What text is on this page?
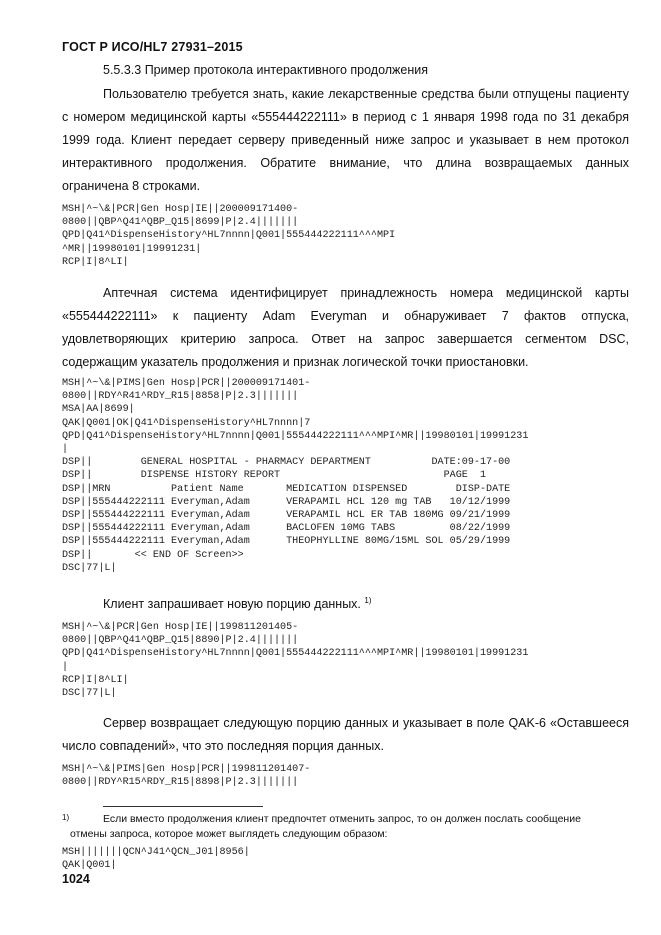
ГОСТ Р ИСО/HL7 27931–2015
5.5.3.3 Пример протокола интерактивного продолжения

Пользователю требуется знать, какие лекарственные средства были отпущены пациенту с номером медицинской карты «555444222111» в период с 1 января 1998 года по 31 декабря 1999 года. Клиент передает серверу приведенный ниже запрос и указывает в нем протокол интерактивного продолжения. Обратите внимание, что длина возвращаемых данных ограничена 8 строками.

MSH|^~\&|PCR|Gen Hosp|IE||200009171400-
0800||QBP^Q41^QBP_Q15|8699|P|2.4|||||||
QPD|Q41^DispenseHistory^HL7nnnn|Q001|555444222111^^^MPI
^MR||19980101|19991231|
RCP|I|8^LI|

Аптечная система идентифицирует принадлежность номера медицинской карты «555444222111» к пациенту Adam Everyman и обнаруживает 7 фактов отпуска, удовлетворяющих критерию запроса. Ответ на запрос завершается сегментом DSC, содержащим указатель продолжения и признак логической точки приостановки.

MSH|^~\&|PIMS|Gen Hosp|PCR||200009171401-
0800||RDY^R41^RDY_R15|8858|P|2.3|||||||
MSA|AA|8699|
QAK|Q001|OK|Q41^DispenseHistory^HL7nnnn|7
QPD|Q41^DispenseHistory^HL7nnnn|Q001|555444222111^^^MPI^MR||19980101|19991231
|
DSP||        GENERAL HOSPITAL - PHARMACY DEPARTMENT          DATE:09-17-00
DSP||        DISPENSE HISTORY REPORT                           PAGE  1
DSP||MRN          Patient Name       MEDICATION DISPENSED        DISP-DATE
DSP||555444222111 Everyman,Adam      VERAPAMIL HCL 120 mg TAB   10/12/1999
DSP||555444222111 Everyman,Adam      VERAPAMIL HCL ER TAB 180MG 09/21/1999
DSP||555444222111 Everyman,Adam      BACLOFEN 10MG TABS         08/22/1999
DSP||555444222111 Everyman,Adam      THEOPHYLLINE 80MG/15ML SOL 05/29/1999
DSP||       << END OF Screen>>
DSC|77|L|
Клиент запрашивает новую порцию данных. $^{1)}$
MSH|^~\&|PCR|Gen Hosp|IE||199811201405-
0800||QBP^Q41^QBP_Q15|8890|P|2.4|||||||
QPD|Q41^DispenseHistory^HL7nnnn|Q001|555444222111^^^MPI^MR||19980101|19991231
|
RCP|I|8^LI|
DSC|77|L|

Сервер возвращает следующую порцию данных и указывает в поле QAK-6 «Оставшееся число совпадений», что это последняя порция данных.

MSH|^~\&|PIMS|Gen Hosp|PCR||199811201407-
0800||RDY^R15^RDY_R15|8898|P|2.3|||||||
1)	Если вместо продолжения клиент предпочтет отменить запрос, то он должен послать сообщение
отмены запроса, которое может выглядеть следующим образом:
MSH|||||||QCN^J41^QCN_J01|8956|
QAK|Q001|
1024
